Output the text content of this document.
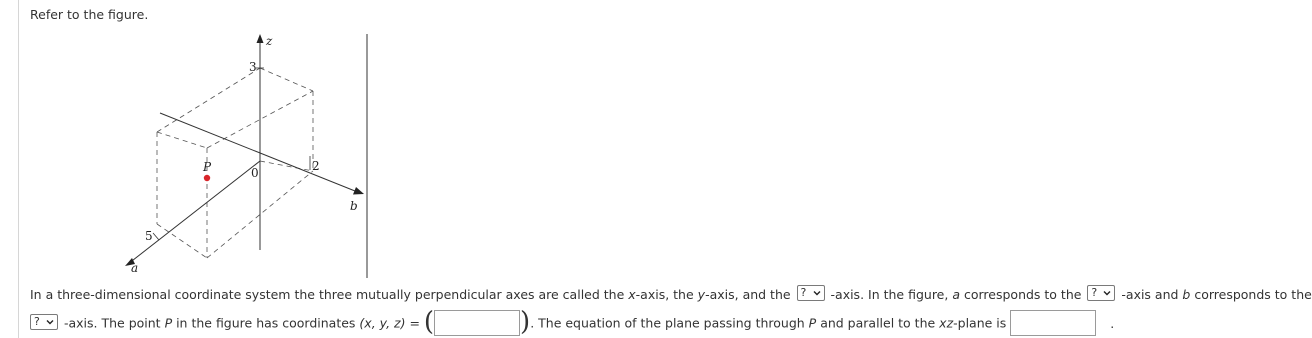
Refer to the figure.
z
3
P	0	2
b
5
a
In a three-dimensional coordinate system the three mutually perpendicular axes are called the x-axis, the y-axis, and the ? -axis. In the figure, a corresponds to the ? -axis and b corresponds to the
? -axis. The point P in the figure has coordinates (x, y, z) = (	). The equation of the plane passing through P and parallel to the xz-plane is	.
